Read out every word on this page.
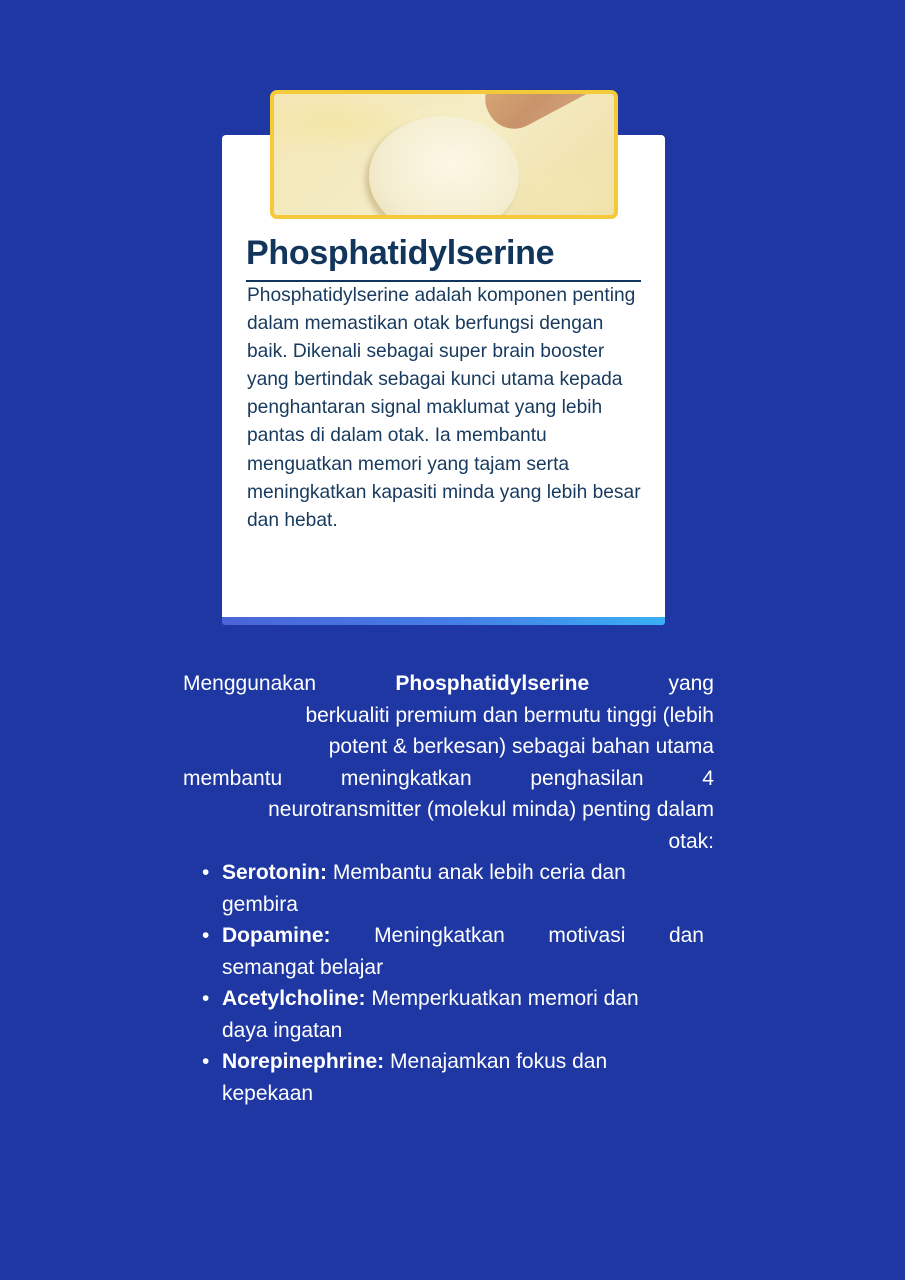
Phosphatidylserine

Phosphatidylserine adalah komponen penting dalam memastikan otak berfungsi dengan baik. Dikenali sebagai super brain booster yang bertindak sebagai kunci utama kepada penghantaran signal maklumat yang lebih pantas di dalam otak. Ia membantu menguatkan memori yang tajam serta meningkatkan kapasiti minda yang lebih besar dan hebat.

Menggunakan	Phosphatidylserine	yang
berkualiti premium dan bermutu tinggi (lebih
potent & berkesan) sebagai bahan utama
membantu	meningkatkan	penghasilan	4
neurotransmitter (molekul minda) penting dalam
otak:

• Serotonin: Membantu anak lebih ceria dan
gembira
• Dopamine: Meningkatkan motivasi dan
semangat belajar
• Acetylcholine: Memperkuatkan memori dan
daya ingatan
• Norepinephrine: Menajamkan fokus dan
kepekaan
